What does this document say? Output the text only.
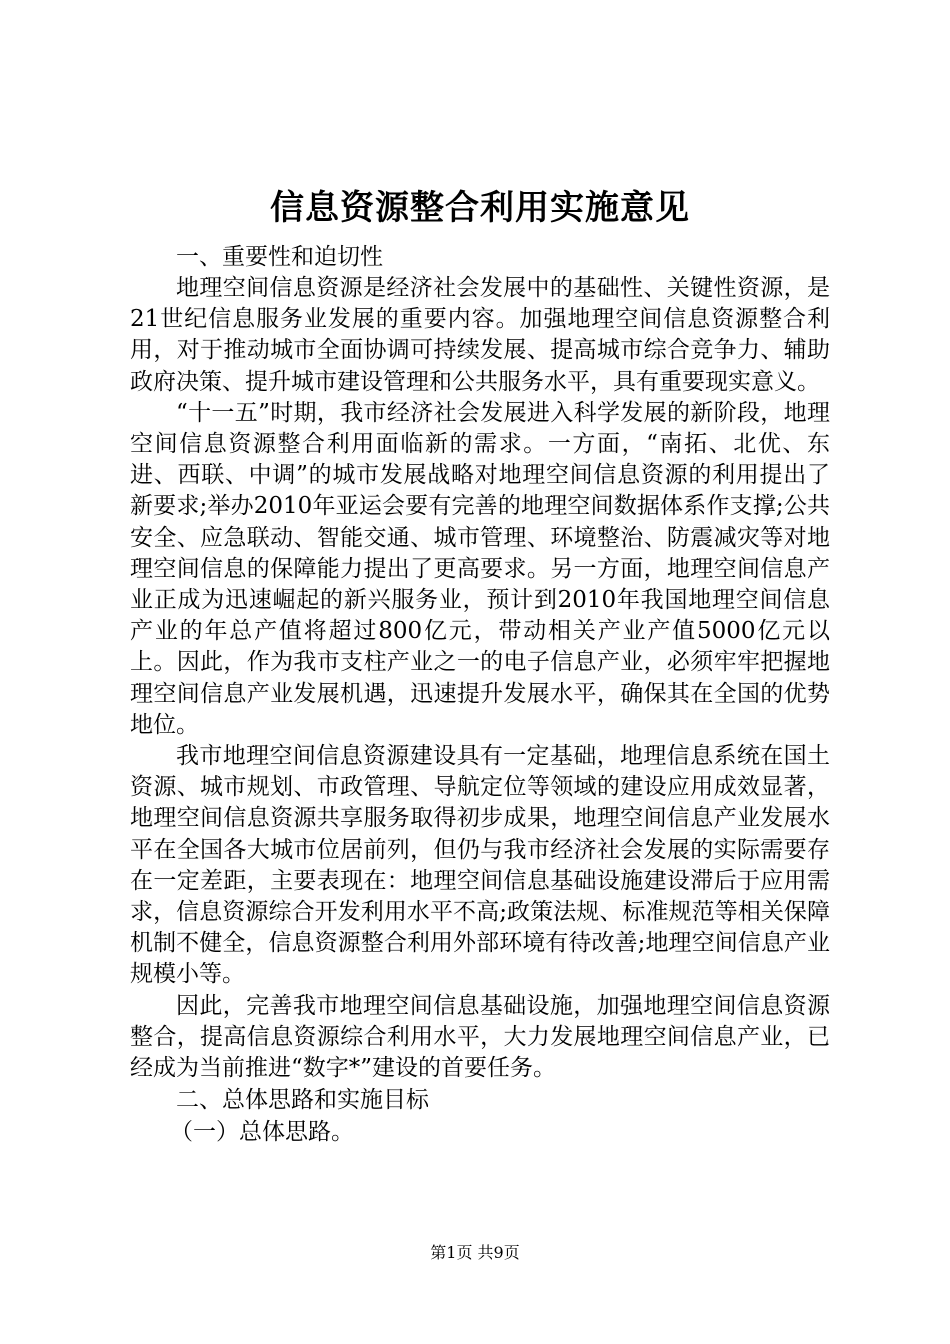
信息资源整合利用实施意见
一、重要性和迫切性

地理空间信息资源是经济社会发展中的基础性、关键性资源，是21世纪信息服务业发展的重要内容。加强地理空间信息资源整合利用，对于推动城市全面协调可持续发展、提高城市综合竞争力、辅助政府决策、提升城市建设管理和公共服务水平，具有重要现实意义。

“十一五”时期，我市经济社会发展进入科学发展的新阶段，地理空间信息资源整合利用面临新的需求。一方面，“南拓、北优、东进、西联、中调”的城市发展战略对地理空间信息资源的利用提出了新要求;举办2010年亚运会要有完善的地理空间数据体系作支撑;公共安全、应急联动、智能交通、城市管理、环境整治、防震减灾等对地理空间信息的保障能力提出了更高要求。另一方面，地理空间信息产业正成为迅速崛起的新兴服务业，预计到2010年我国地理空间信息产业的年总产值将超过800亿元，带动相关产业产值5000亿元以上。因此，作为我市支柱产业之一的电子信息产业，必须牢牢把握地理空间信息产业发展机遇，迅速提升发展水平，确保其在全国的优势地位。

我市地理空间信息资源建设具有一定基础，地理信息系统在国土资源、城市规划、市政管理、导航定位等领域的建设应用成效显著，地理空间信息资源共享服务取得初步成果，地理空间信息产业发展水平在全国各大城市位居前列，但仍与我市经济社会发展的实际需要存在一定差距，主要表现在：地理空间信息基础设施建设滞后于应用需求，信息资源综合开发利用水平不高;政策法规、标准规范等相关保障机制不健全，信息资源整合利用外部环境有待改善;地理空间信息产业规模小等。

因此，完善我市地理空间信息基础设施，加强地理空间信息资源整合，提高信息资源综合利用水平，大力发展地理空间信息产业，已经成为当前推进“数字*”建设的首要任务。

二、总体思路和实施目标
（一）总体思路。
第1页 共9页
